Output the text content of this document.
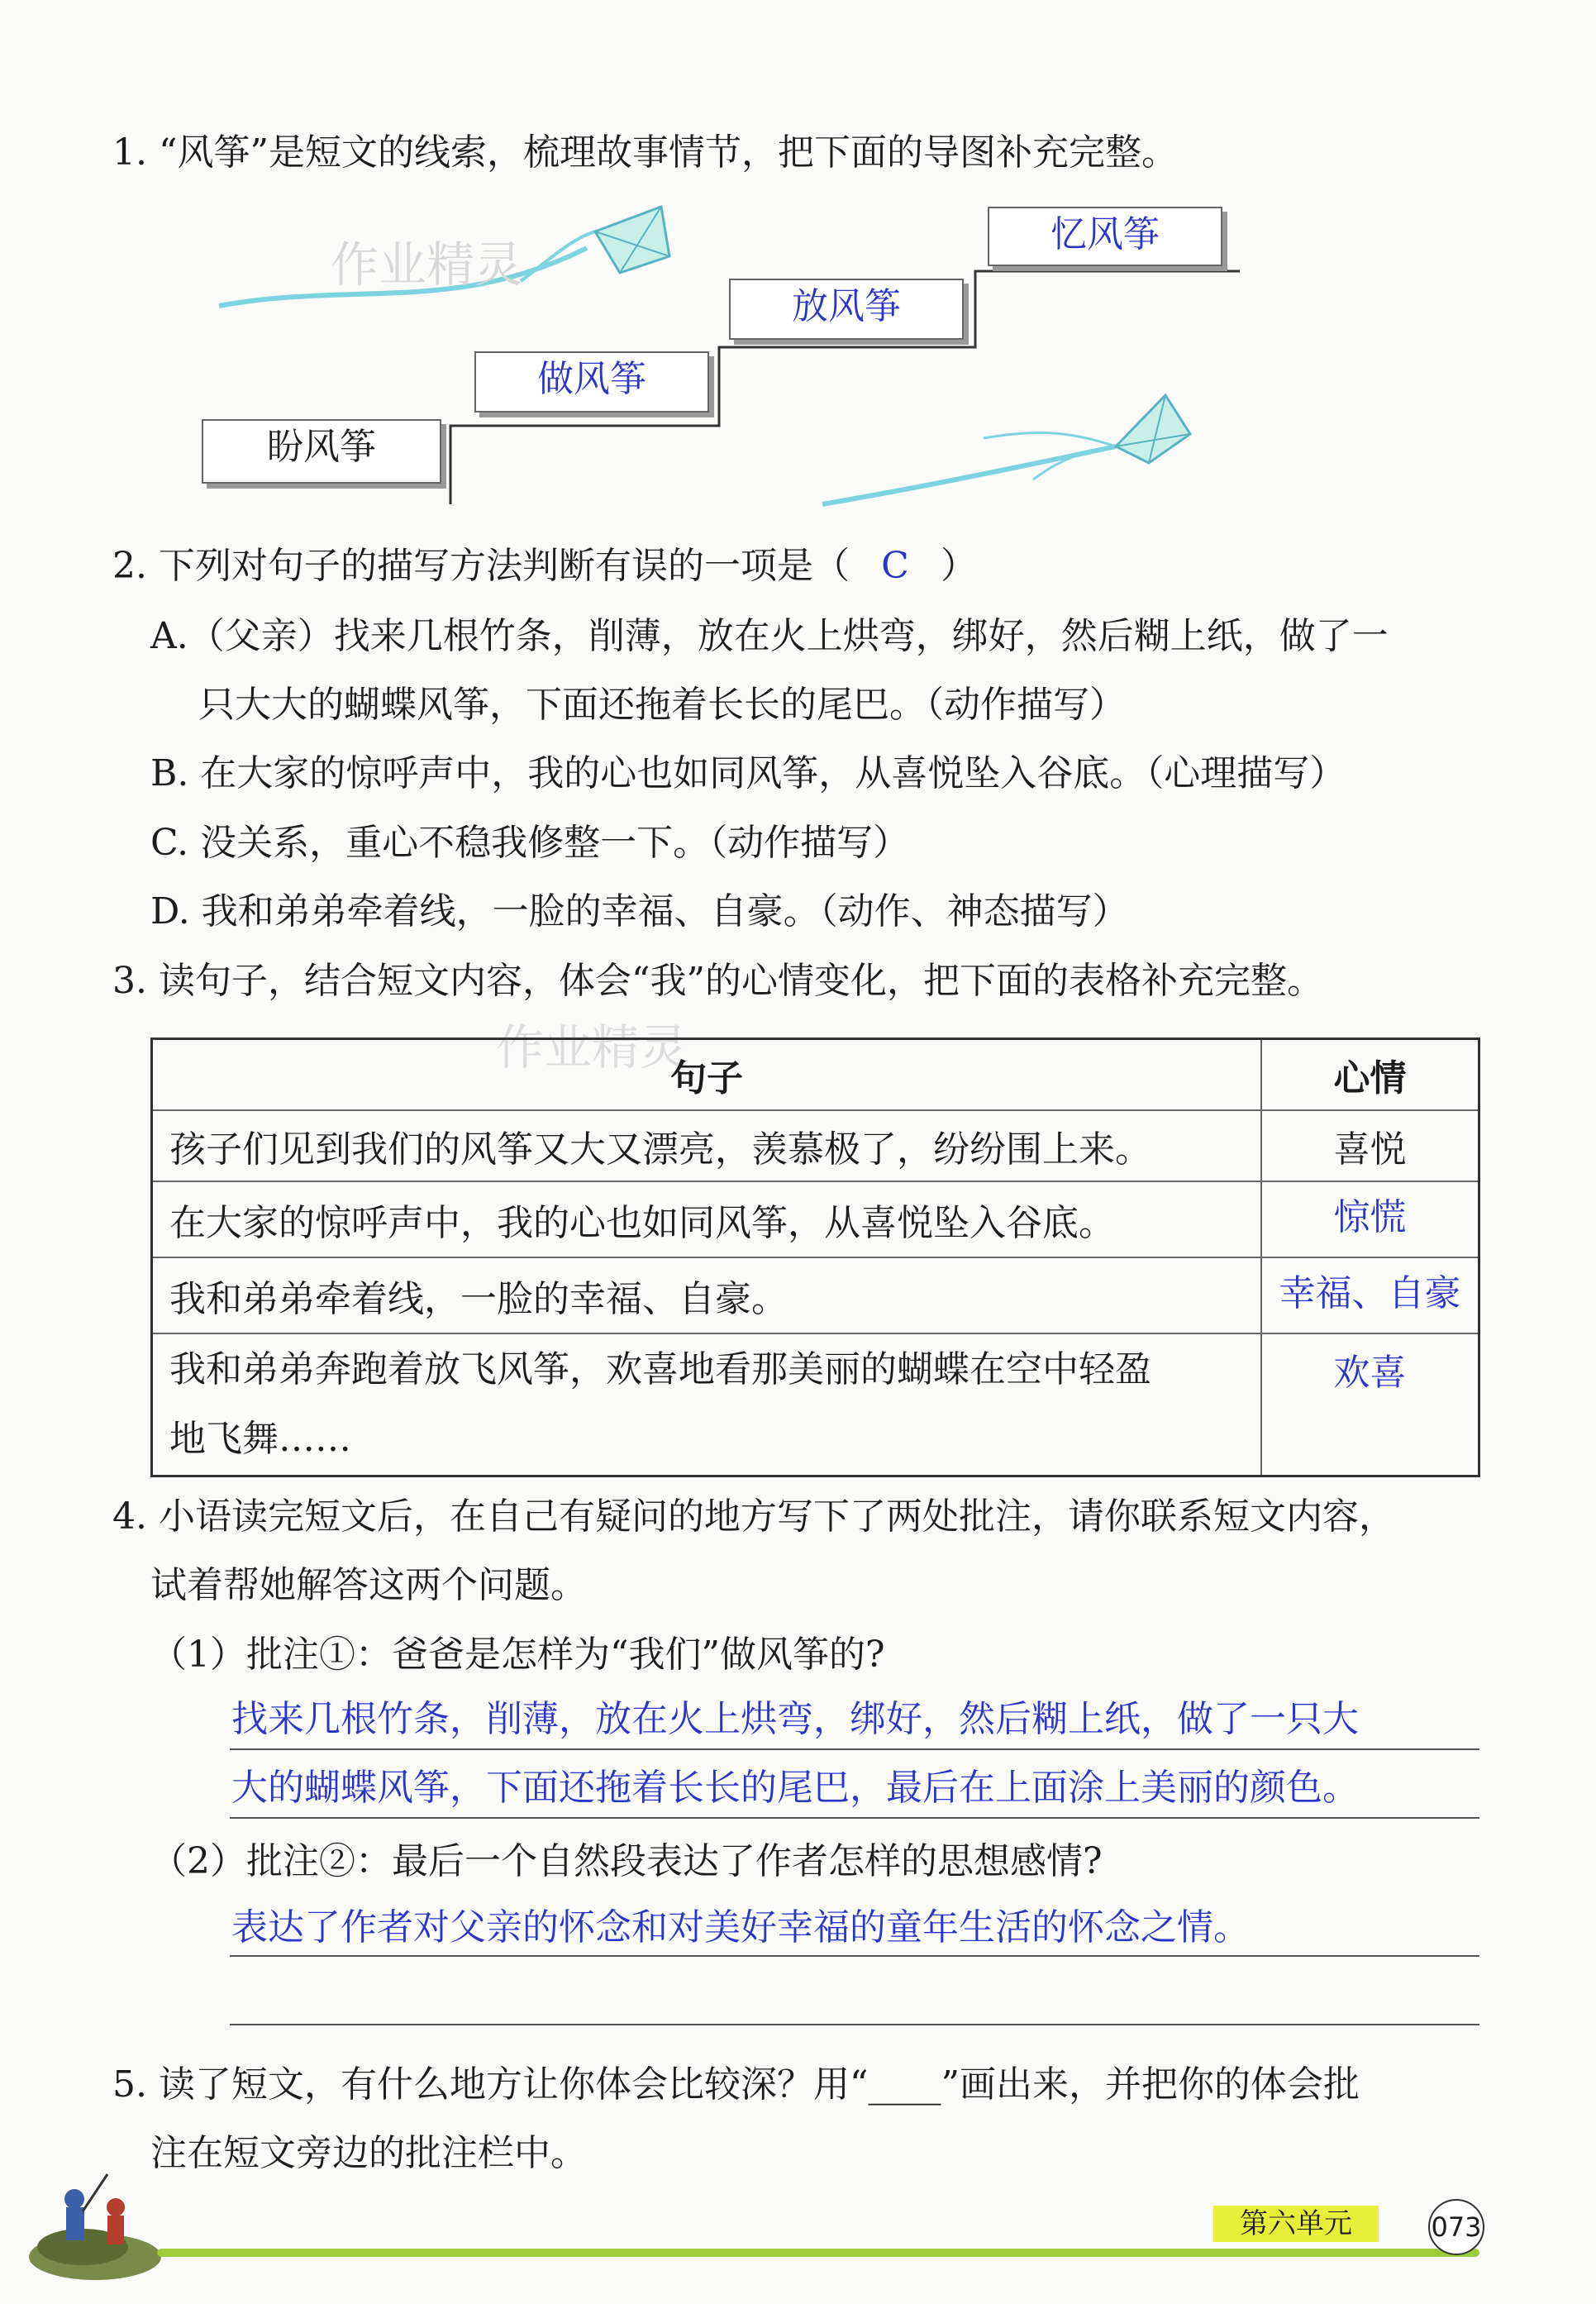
1. “风筝”是短文的线索，梳理故事情节，把下面的导图补充完整。
作业精灵
盼风筝
做风筝
放风筝
忆风筝
2. 下列对句子的描写方法判断有误的一项是（ C ）
A.（父亲）找来几根竹条，削薄，放在火上烘弯，绑好，然后糊上纸，做了一
只大大的蝴蝶风筝，下面还拖着长长的尾巴。（动作描写）
B. 在大家的惊呼声中，我的心也如同风筝，从喜悦坠入谷底。（心理描写）
C. 没关系，重心不稳我修整一下。（动作描写）
D. 我和弟弟牵着线，一脸的幸福、自豪。（动作、神态描写）
3. 读句子，结合短文内容，体会“我”的心情变化，把下面的表格补充完整。
作业精灵
句子	心情
孩子们见到我们的风筝又大又漂亮，羡慕极了，纷纷围上来。	喜悦
在大家的惊呼声中，我的心也如同风筝，从喜悦坠入谷底。	惊慌
我和弟弟牵着线，一脸的幸福、自豪。	幸福、自豪

我和弟弟奔跑着放飞风筝，欢喜地看那美丽的蝴蝶在空中轻盈
地飞舞……	欢喜
4. 小语读完短文后，在自己有疑问的地方写下了两处批注，请你联系短文内容，
试着帮她解答这两个问题。
（1）批注①：爸爸是怎样为“我们”做风筝的?
找来几根竹条，削薄，放在火上烘弯，绑好，然后糊上纸，做了一只大
大的蝴蝶风筝，下面还拖着长长的尾巴，最后在上面涂上美丽的颜色。
（2）批注②：最后一个自然段表达了作者怎样的思想感情?
表达了作者对父亲的怀念和对美好幸福的童年生活的怀念之情。
5. 读了短文，有什么地方让你体会比较深？用“____”画出来，并把你的体会批
注在短文旁边的批注栏中。
第六单元	073
